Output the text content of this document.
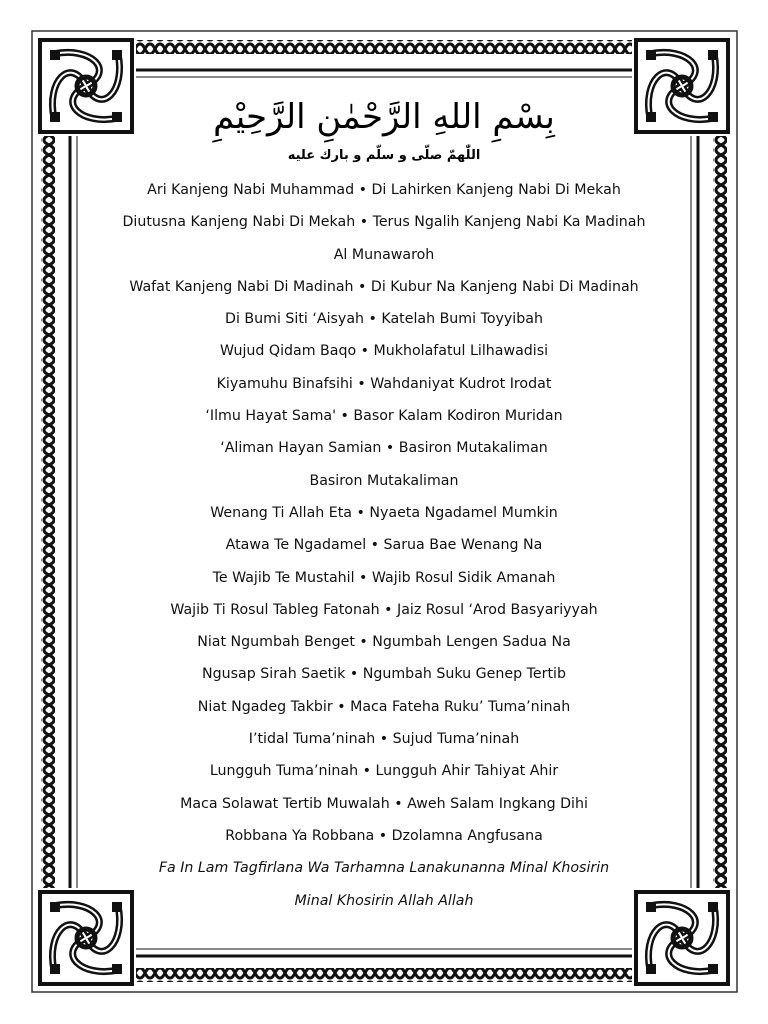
بِسْمِ اللهِ الرَّحْمٰنِ الرَّحِيْمِ
اللّٰهمّ صلّی و سلّم و بارك عليه
Ari Kanjeng Nabi Muhammad • Di Lahirken Kanjeng Nabi Di Mekah
Diutusna Kanjeng Nabi Di Mekah • Terus Ngalih Kanjeng Nabi Ka Madinah
Al Munawaroh
Wafat Kanjeng Nabi Di Madinah • Di Kubur Na Kanjeng Nabi Di Madinah
Di Bumi Siti ‘Aisyah • Katelah Bumi Toyyibah
Wujud Qidam Baqo • Mukholafatul Lilhawadisi
Kiyamuhu Binafsihi • Wahdaniyat Kudrot Irodat
‘Ilmu Hayat Sama' • Basor Kalam Kodiron Muridan
‘Aliman Hayan Samian • Basiron Mutakaliman
Basiron Mutakaliman
Wenang Ti Allah Eta • Nyaeta Ngadamel Mumkin
Atawa Te Ngadamel • Sarua Bae Wenang Na
Te Wajib Te Mustahil • Wajib Rosul Sidik Amanah
Wajib Ti Rosul Tableg Fatonah • Jaiz Rosul ‘Arod Basyariyyah
Niat Ngumbah Benget • Ngumbah Lengen Sadua Na
Ngusap Sirah Saetik • Ngumbah Suku Genep Tertib
Niat Ngadeg Takbir • Maca Fateha Ruku’ Tuma’ninah
I’tidal Tuma’ninah • Sujud Tuma’ninah
Lungguh Tuma’ninah • Lungguh Ahir Tahiyat Ahir
Maca Solawat Tertib Muwalah • Aweh Salam Ingkang Dihi
Robbana Ya Robbana • Dzolamna Angfusana
Fa In Lam Tagfirlana Wa Tarhamna Lanakunanna Minal Khosirin
Minal Khosirin Allah Allah
